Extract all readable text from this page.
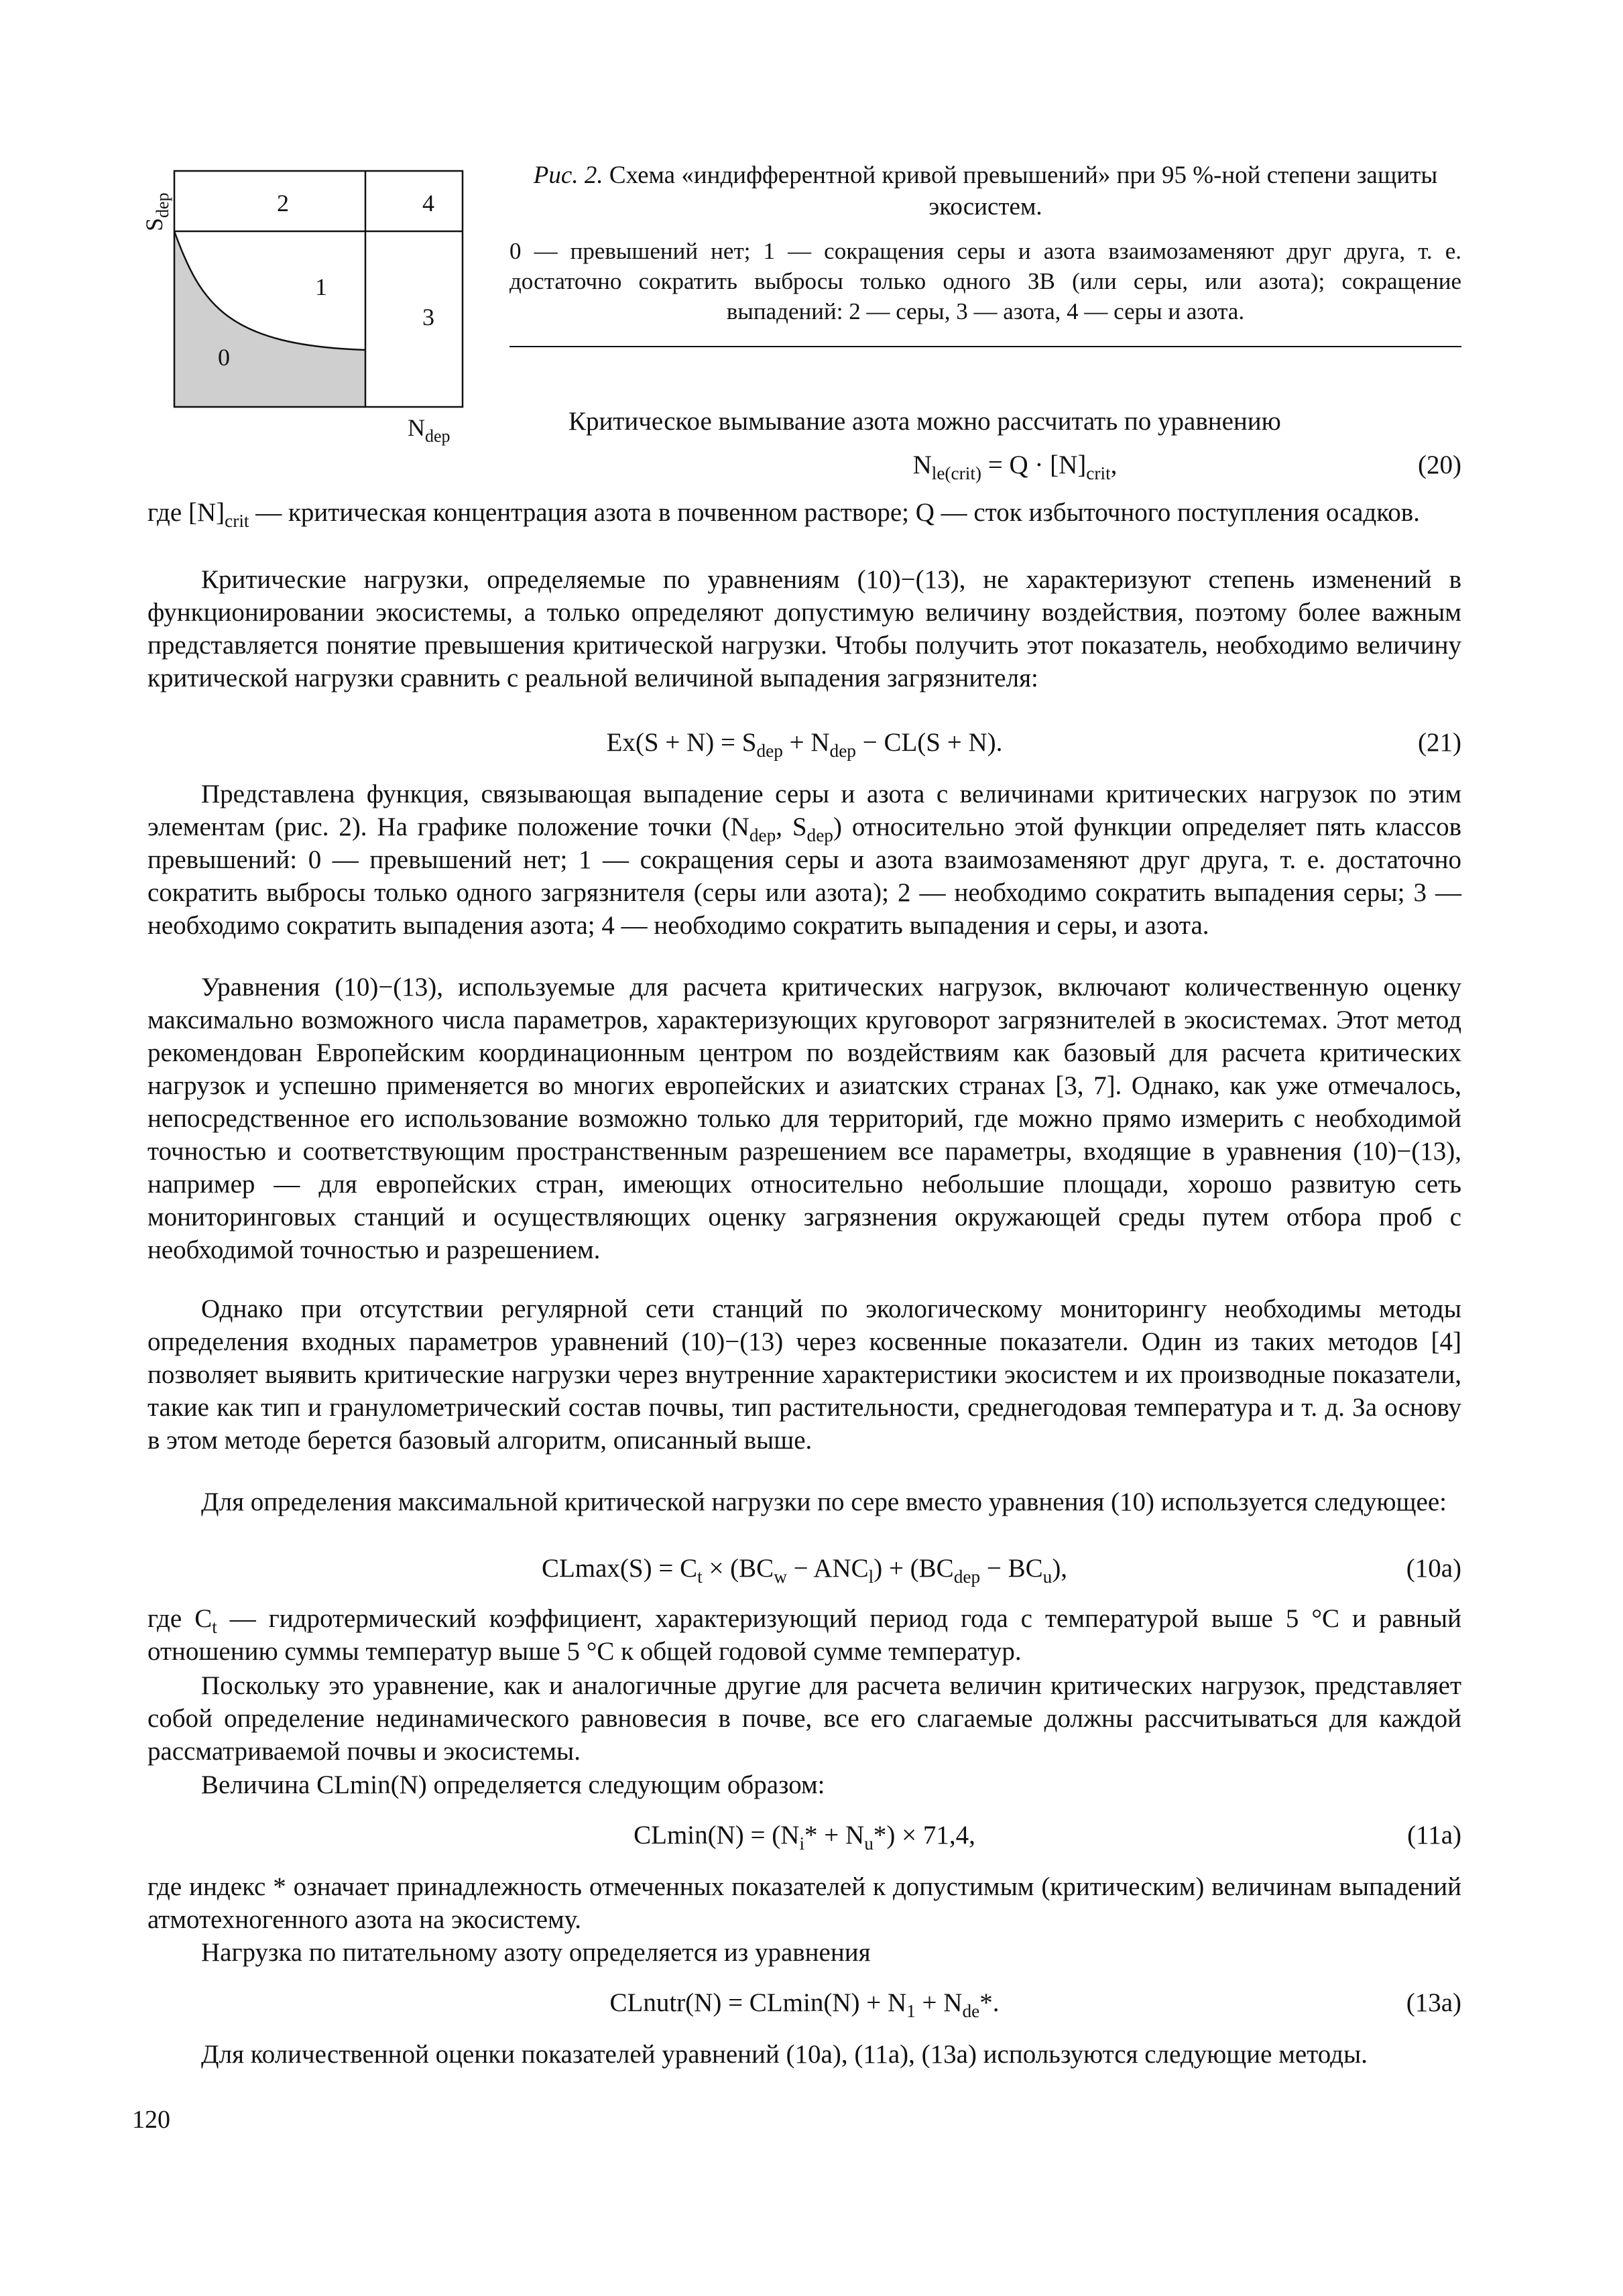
2	4
1
3
0
$S_{dep}$
$N_{dep}$
Рис. 2. Схема «индифферентной кривой превышений» при 95 %-ной степени защиты экосистем.
0 — превышений нет; 1 — сокращения серы и азота взаимозаменяют друг друга, т. е. достаточно сократить выбросы только одного ЗВ (или серы, или азота); сокращение выпадений: 2 — серы, 3 — азота, 4 — серы и азота.

Критическое вымывание азота можно рассчитать по уравнению

$N_{le(crit)} = Q \cdot [N]_{crit}$,	(20)

где $[N]_{crit}$ — критическая концентрация азота в почвенном растворе; Q — сток избыточного поступления осадков.

Критические нагрузки, определяемые по уравнениям (10)−(13), не характеризуют степень изменений в функционировании экосистемы, а только определяют допустимую величину воздействия, поэтому более важным представляется понятие превышения критической нагрузки. Чтобы получить этот показатель, необходимо величину критической нагрузки сравнить с реальной величиной выпадения загрязнителя:

$Ex(S + N) = S_{dep} + N_{dep} - CL(S + N)$.	(21)

Представлена функция, связывающая выпадение серы и азота с величинами критических нагрузок по этим элементам (рис. 2). На графике положение точки ($N_{dep}$, $S_{dep}$) относительно этой функции определяет пять классов превышений: 0 — превышений нет; 1 — сокращения серы и азота взаимозаменяют друг друга, т. е. достаточно сократить выбросы только одного загрязнителя (серы или азота); 2 — необходимо сократить выпадения серы; 3 — необходимо сократить выпадения азота; 4 — необходимо сократить выпадения и серы, и азота.

Уравнения (10)−(13), используемые для расчета критических нагрузок, включают количественную оценку максимально возможного числа параметров, характеризующих круговорот загрязнителей в экосистемах. Этот метод рекомендован Европейским координационным центром по воздействиям как базовый для расчета критических нагрузок и успешно применяется во многих европейских и азиатских странах [3, 7]. Однако, как уже отмечалось, непосредственное его использование возможно только для территорий, где можно прямо измерить с необходимой точностью и соответствующим пространственным разрешением все параметры, входящие в уравнения (10)−(13), например — для европейских стран, имеющих относительно небольшие площади, хорошо развитую сеть мониторинговых станций и осуществляющих оценку загрязнения окружающей среды путем отбора проб с необходимой точностью и разрешением.

Однако при отсутствии регулярной сети станций по экологическому мониторингу необходимы методы определения входных параметров уравнений (10)−(13) через косвенные показатели. Один из таких методов [4] позволяет выявить критические нагрузки через внутренние характеристики экосистем и их производные показатели, такие как тип и гранулометрический состав почвы, тип растительности, среднегодовая температура и т. д. За основу в этом методе берется базовый алгоритм, описанный выше.

Для определения максимальной критической нагрузки по сере вместо уравнения (10) используется следующее:

$CLmax(S) = C_t \times (BC_w - ANC_l) + (BC_{dep} - BC_u)$,	(10a)

где $C_t$ — гидротермический коэффициент, характеризующий период года с температурой выше 5 °С и равный отношению суммы температур выше 5 °С к общей годовой сумме температур.

Поскольку это уравнение, как и аналогичные другие для расчета величин критических нагрузок, представляет собой определение нединамического равновесия в почве, все его слагаемые должны рассчитываться для каждой рассматриваемой почвы и экосистемы.

Величина CLmin(N) определяется следующим образом:

$CLmin(N) = (N_i* + N_u*) \times 71,4$,	(11a)

где индекс * означает принадлежность отмеченных показателей к допустимым (критическим) величинам выпадений атмотехногенного азота на экосистему.

Нагрузка по питательному азоту определяется из уравнения

CLnutr(N) = $CLmin(N) + N_1 + N_{de}*$.	(13a)

Для количественной оценки показателей уравнений (10a), (11a), (13a) используются следующие методы.

120
